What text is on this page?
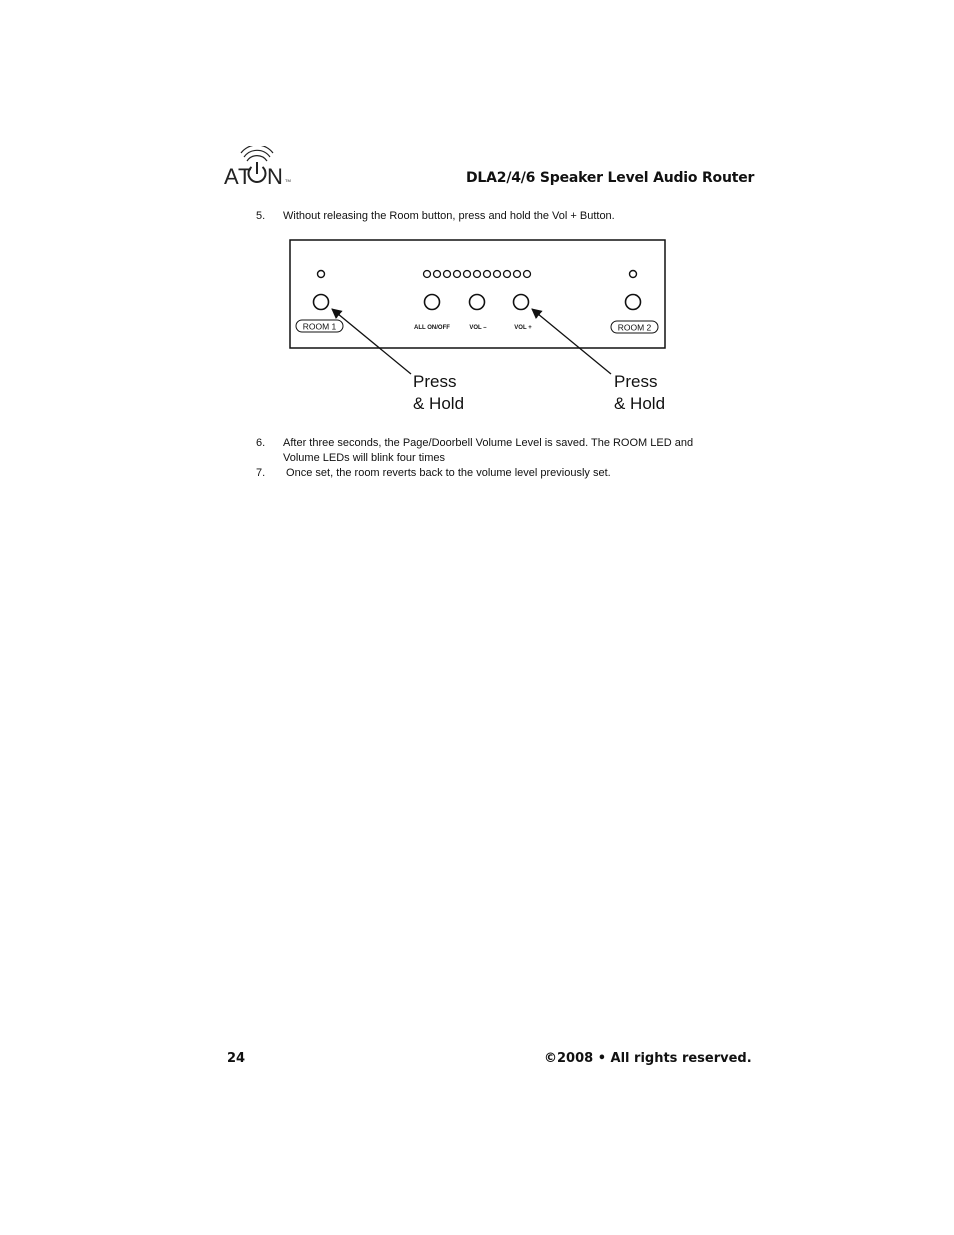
A T N TM	DLA2/4/6 Speaker Level Audio Router
5. Without releasing the Room button, press and hold the Vol + Button.
ROOM 1	ROOM 2
ALL ON/OFF	VOL –	VOL +
Press
& Hold
Press
& Hold
6. After three seconds, the Page/Doorbell Volume Level is saved. The ROOM LED and Volume LEDs will blink four times
7. Once set, the room reverts back to the volume level previously set.
24	©2008 • All rights reserved.
